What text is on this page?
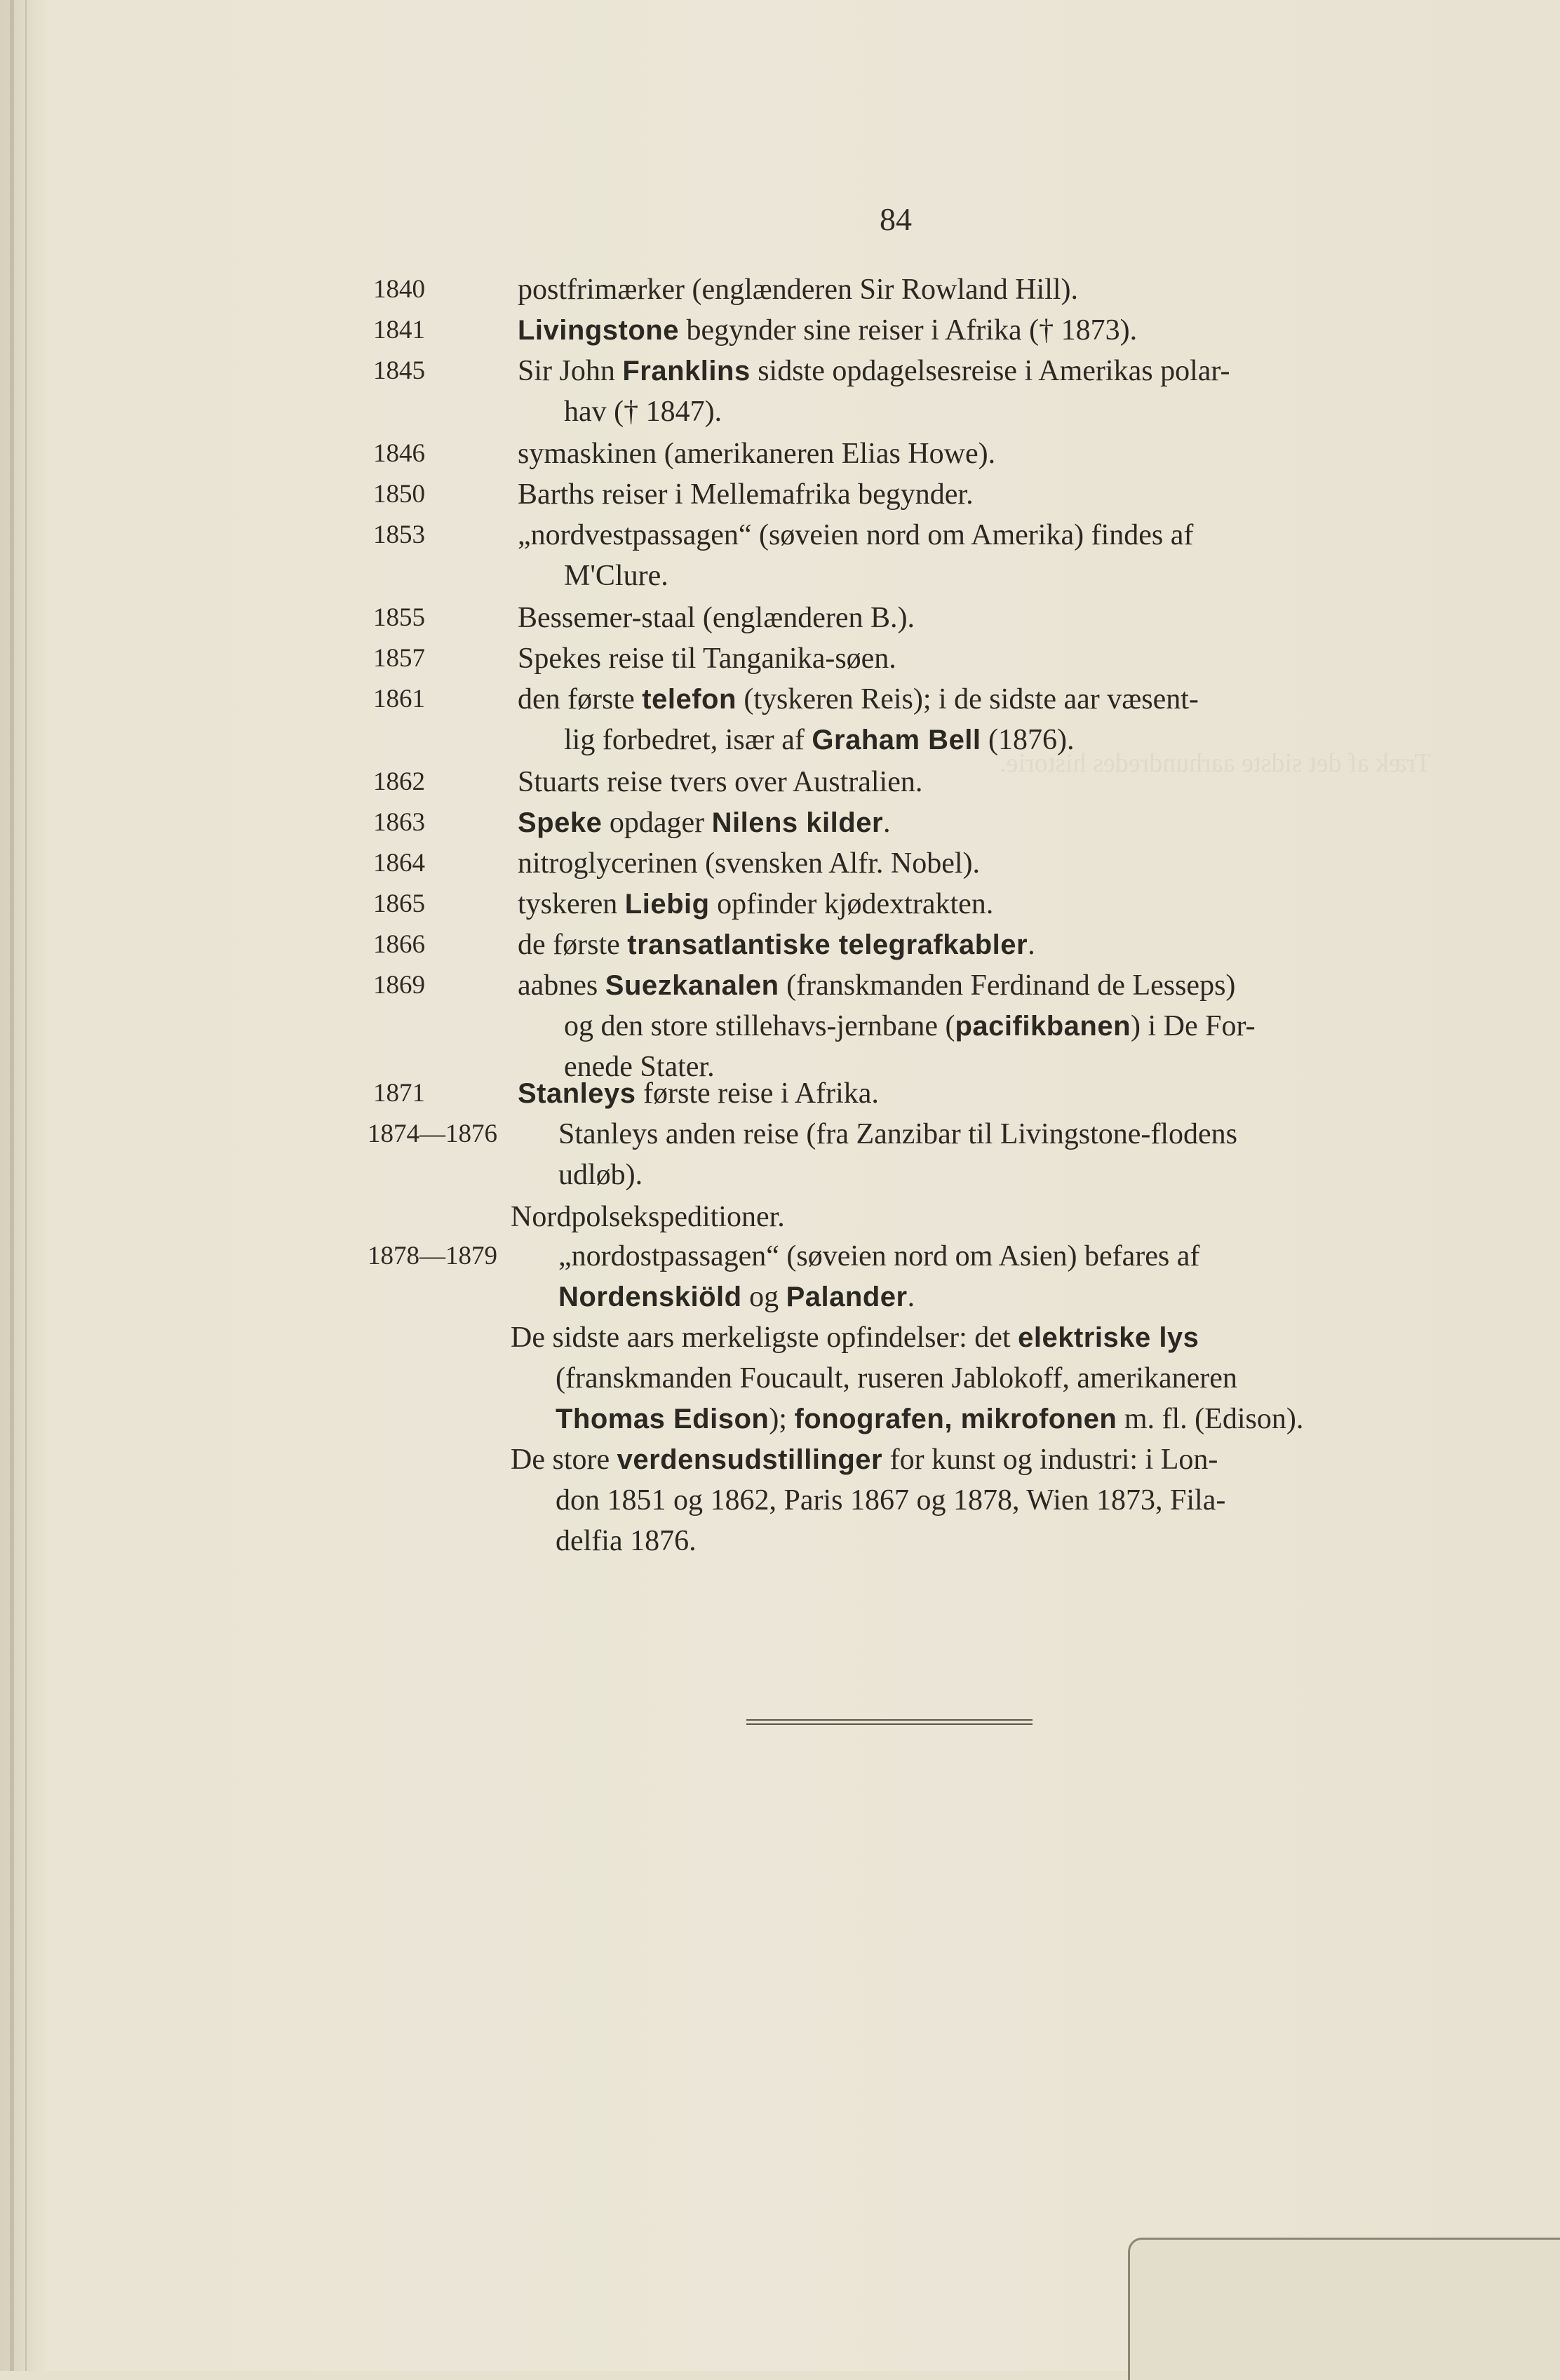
Træk af det sidste aarhundredes historie.
84
1840	postfrimærker (englænderen Sir Rowland Hill).
1841	Livingstone begynder sine reiser i Afrika († 1873).
1845	Sir John Franklins sidste opdagelsesreise i Amerikas polar-
hav († 1847).
1846	symaskinen (amerikaneren Elias Howe).
1850	Barths reiser i Mellemafrika begynder.
1853	„nordvestpassagen“ (søveien nord om Amerika) findes af
M'Clure.
1855	Bessemer-staal (englænderen B.).
1857	Spekes reise til Tanganika-søen.
1861	den første telefon (tyskeren Reis); i de sidste aar væsent-
lig forbedret, især af Graham Bell (1876).
1862	Stuarts reise tvers over Australien.
1863	Speke opdager Nilens kilder.
1864	nitroglycerinen (svensken Alfr. Nobel).
1865	tyskeren Liebig opfinder kjødextrakten.
1866	de første transatlantiske telegrafkabler.
1869	aabnes Suezkanalen (franskmanden Ferdinand de Lesseps)
og den store stillehavs-jernbane (pacifikbanen) i De For-
enede Stater.
1871	Stanleys første reise i Afrika.
1874—1876 Stanleys anden reise (fra Zanzibar til Livingstone-flodens
udløb).
Nordpolsekspeditioner.
1878—1879 „nordostpassagen“ (søveien nord om Asien) befares af
Nordenskiöld og Palander.
De sidste aars merkeligste opfindelser: det elektriske lys
(franskmanden Foucault, ruseren Jablokoff, amerikaneren
Thomas Edison); fonografen, mikrofonen m. fl. (Edison).
De store verdensudstillinger for kunst og industri: i Lon-
don 1851 og 1862, Paris 1867 og 1878, Wien 1873, Fila-
delfia 1876.
